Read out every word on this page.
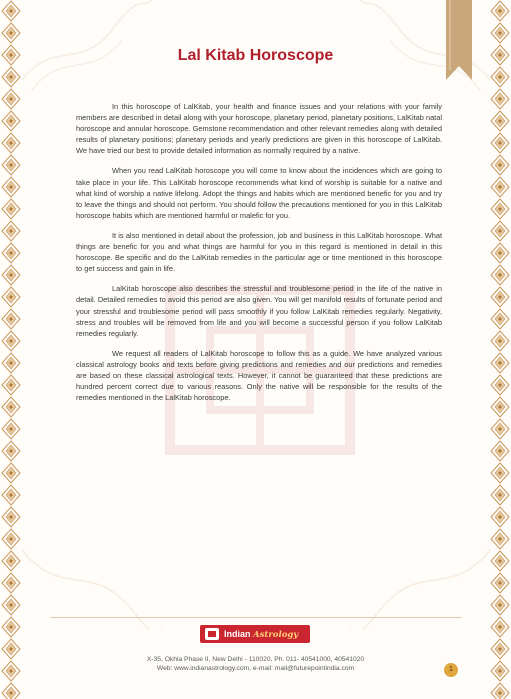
Lal Kitab Horoscope

In this horoscope of LalKitab, your health and finance issues and your relations with your family members are described in detail along with your horoscope, planetary period, planetary positions, LalKitab natal horoscope and annular horoscope. Gemstone recommendation and other relevant remedies along with detailed results of planetary positions; planetary periods and yearly predictions are given in this horoscope of LalKitab. We have tried our best to provide detailed information as normally required by a native.

When you read LalKitab horoscope you will come to know about the incidences which are going to take place in your life. This LalKitab horoscope recommends what kind of worship is suitable for a native and what kind of worship a native lifelong. Adopt the things and habits which are mentioned benefic for you and try to leave the things and should not perform. You should follow the precautions mentioned for you in this LalKitab horoscope habits which are mentioned harmful or malefic for you.

It is also mentioned in detail about the profession, job and business in this LalKitab horoscope. What things are benefic for you and what things are harmful for you in this regard is mentioned in detail in this horoscope. Be specific and do the LalKitab remedies in the particular age or time mentioned in this horoscope to get success and gain in life.

LalKitab horoscope also describes the stressful and troublesome period in the life of the native in detail. Detailed remedies to avoid this period are also given. You will get manifold results of fortunate period and your stressful and troublesome period will pass smoothly if you follow LalKitab remedies regularly. Negativity, stress and troubles will be removed from life and you will become a successful person if you follow LalKitab remedies regularly.

We request all readers of LalKitab horoscope to follow this as a guide. We have analyzed various classical astrology books and texts before giving predictions and remedies and our predictions and remedies are based on these classical astrological texts. However, it cannot be guaranteed that these predictions are hundred percent correct due to various reasons. Only the native will be responsible for the results of the remedies mentioned in the LalKitab horoscope.

Indian Astrology
X-35, Okhla Phase II, New Delhi - 110020, Ph. 011- 40541000, 40541020
Web: www.indianastrology.com, e-mail: mail@futurepointindia.com	1
